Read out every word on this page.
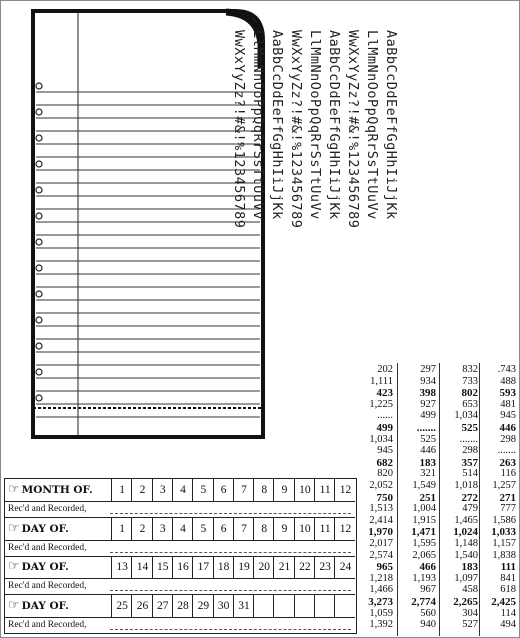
AaBbCcDdEeFfGgHhIiJjKk
LlMmNnOoPpQqRrSsTtUuVv
WwXxYyZz?!#&!%123456789
AaBbCcDdEeFfGgHhIiJjKk
LlMmNnOoPpQqRrSsTtUuVv
WwXxYyZz?!#&!%123456789
AaBbCcDdEeFfGgHhIiJjKk
LlMmNnOoPpQqRrSsTtUuVv
WwXxYyZz?!#&!%123456789
202	297	832	.743
1,111	934	733	488
423	398	802	593
1,225	927	653	481
......	499	1,034	945
499	.......	525	446
1,034	525	.......	298
945	446	298	.......
682	183	357	263
820	321	514	116
2,052	1,549	1,018	1,257
750	251	272	271
1,513	1,004	479	777
2,414	1,915	1,465	1,586
1,970	1,471	1,024	1,033
2,017	1,595	1,148	1,157
2,574	2,065	1,540	1,838
965	466	183	111
1,218	1,193	1,097	841
1,466	967	458	618
3,273	2,774	2,265	2,425
1,059	560	304	114
1,392	940	527	494
☞ MONTH OF.	1	2	3	4	5	6	7	8	9	10 11 12
Rec'd and Recorded,
☞ DAY OF.	1	2	3	4	5	6	7	8	9	10 11 12
Rec'd and Recorded,
☞ DAY OF.	13 14 15 16 17 18 19 20 21 22 23 24
Rec'd and Recorded,
☞ DAY OF.	25 26 27 28 29 30 31
Rec'd and Recorded,
